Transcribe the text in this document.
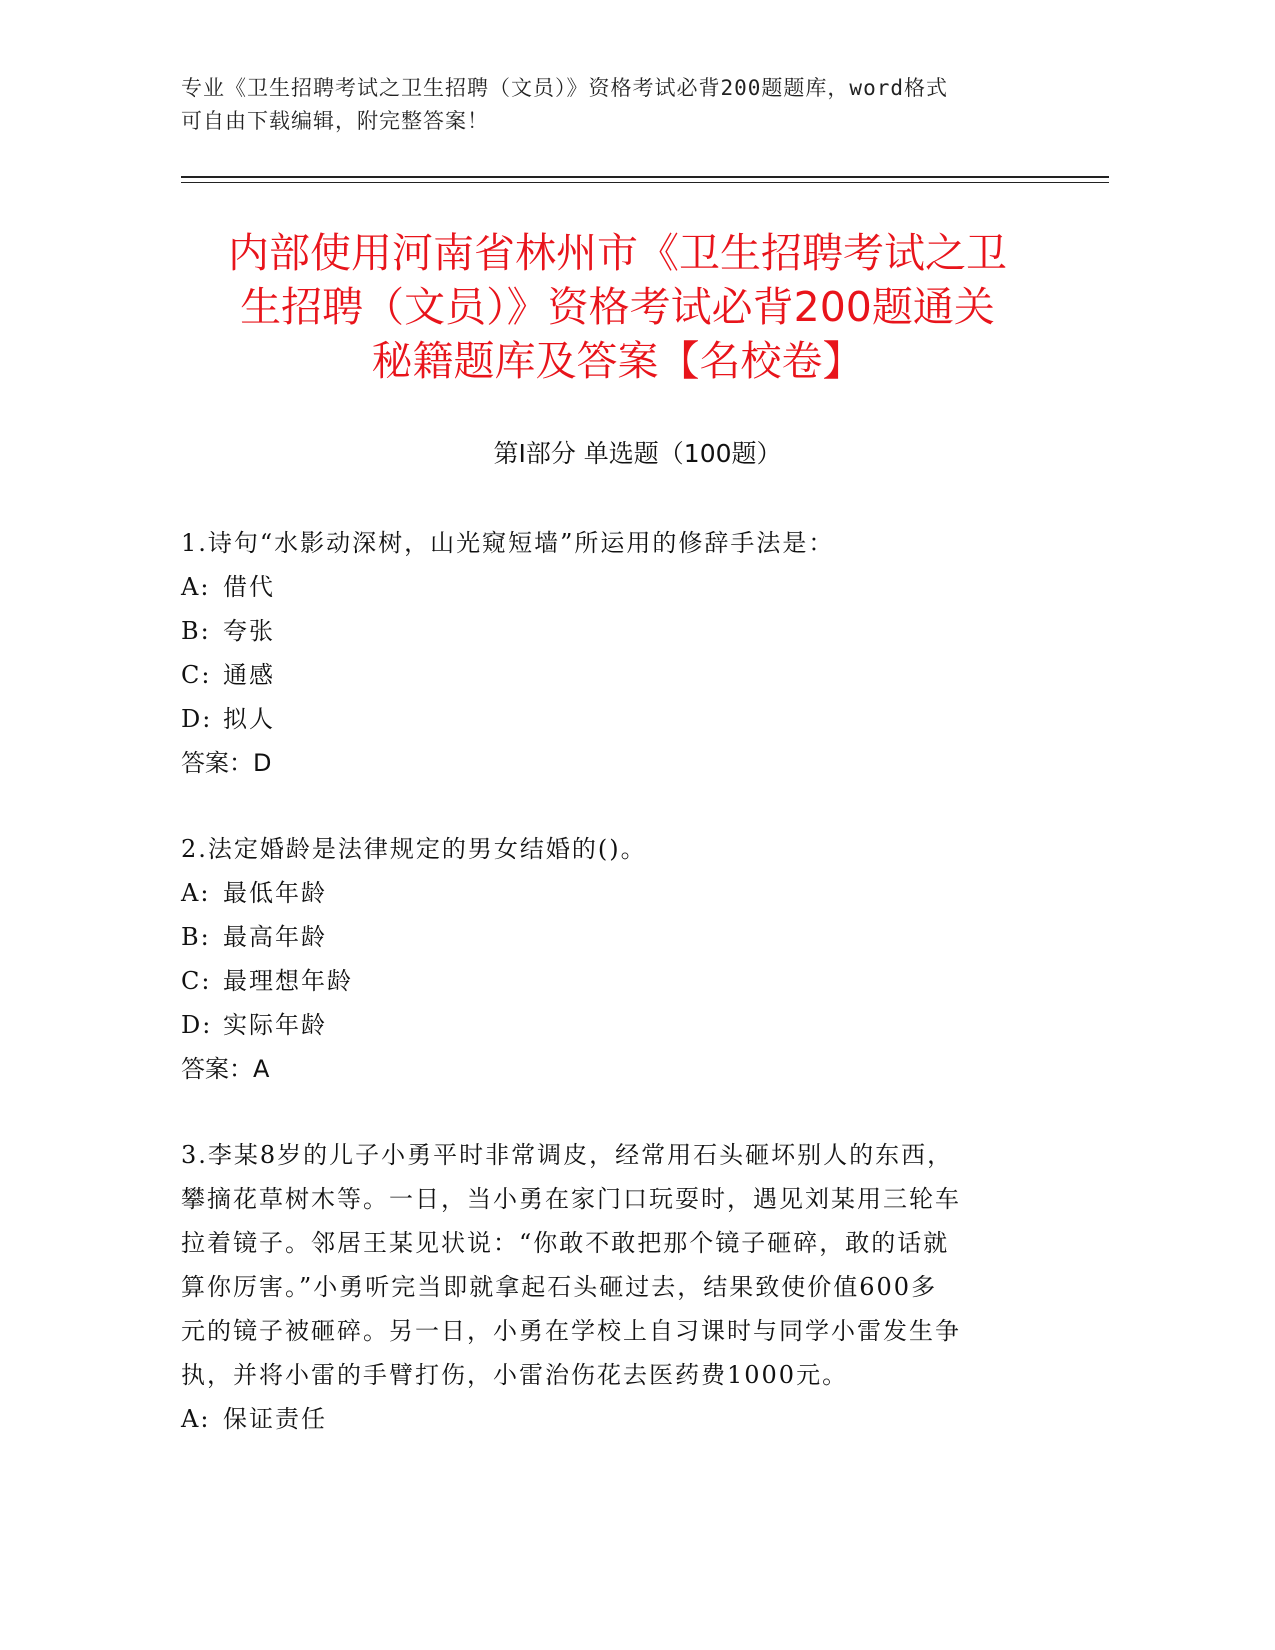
专业《卫生招聘考试之卫生招聘（文员）》资格考试必背200题题库，word格式
可自由下载编辑，附完整答案！
内部使用河南省林州市《卫生招聘考试之卫
生招聘（文员）》资格考试必背200题通关
秘籍题库及答案【名校卷】
第Ⅰ部分 单选题（100题）

1.诗句“水影动深树，山光窥短墙”所运用的修辞手法是：

A: 借代

B: 夸张

C: 通感

D: 拟人

答案：D

2.法定婚龄是法律规定的男女结婚的()。

A: 最低年龄

B: 最高年龄

C: 最理想年龄

D: 实际年龄

答案：A

3.李某8岁的儿子小勇平时非常调皮，经常用石头砸坏别人的东西，

攀摘花草树木等。一日，当小勇在家门口玩耍时，遇见刘某用三轮车

拉着镜子。邻居王某见状说：“你敢不敢把那个镜子砸碎，敢的话就

算你厉害。”小勇听完当即就拿起石头砸过去，结果致使价值600多

元的镜子被砸碎。另一日，小勇在学校上自习课时与同学小雷发生争

执，并将小雷的手臂打伤，小雷治伤花去医药费1000元。

A: 保证责任
